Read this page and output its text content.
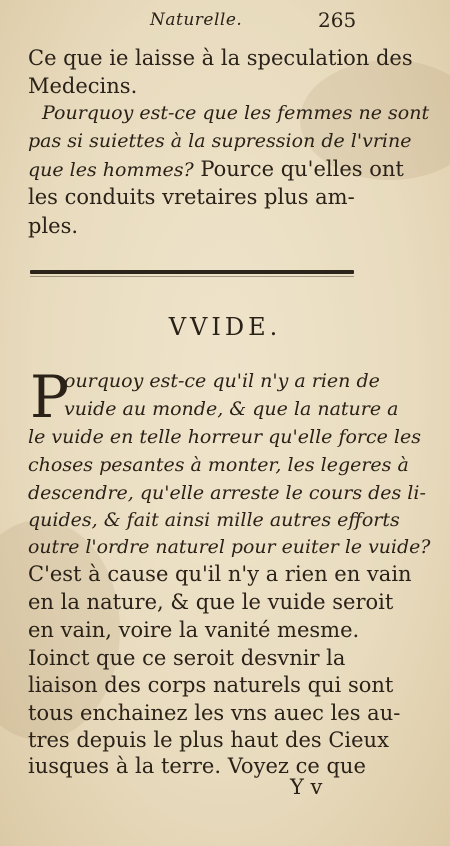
Naturelle.	265
Ce que ie laisse à la speculation des
Medecins.
Pourquoy est-ce que les femmes ne sont
pas si suiettes à la supression de l'vrine
que les hommes? Pource qu'elles ont
les conduits vretaires plus am-
ples.
VVIDE.
P
ourquoy est-ce qu'il n'y a rien de
vuide au monde, & que la nature a
le vuide en telle horreur qu'elle force les
choses pesantes à monter, les legeres à
descendre, qu'elle arreste le cours des li-
quides, & fait ainsi mille autres efforts
outre l'ordre naturel pour euiter le vuide?
C'est à cause qu'il n'y a rien en vain
en la nature, & que le vuide seroit
en vain, voire la vanité mesme.
Ioinct que ce seroit desvnir la
liaison des corps naturels qui sont
tous enchainez les vns auec les au-
tres depuis le plus haut des Cieux
iusques à la terre. Voyez ce que
Y v
